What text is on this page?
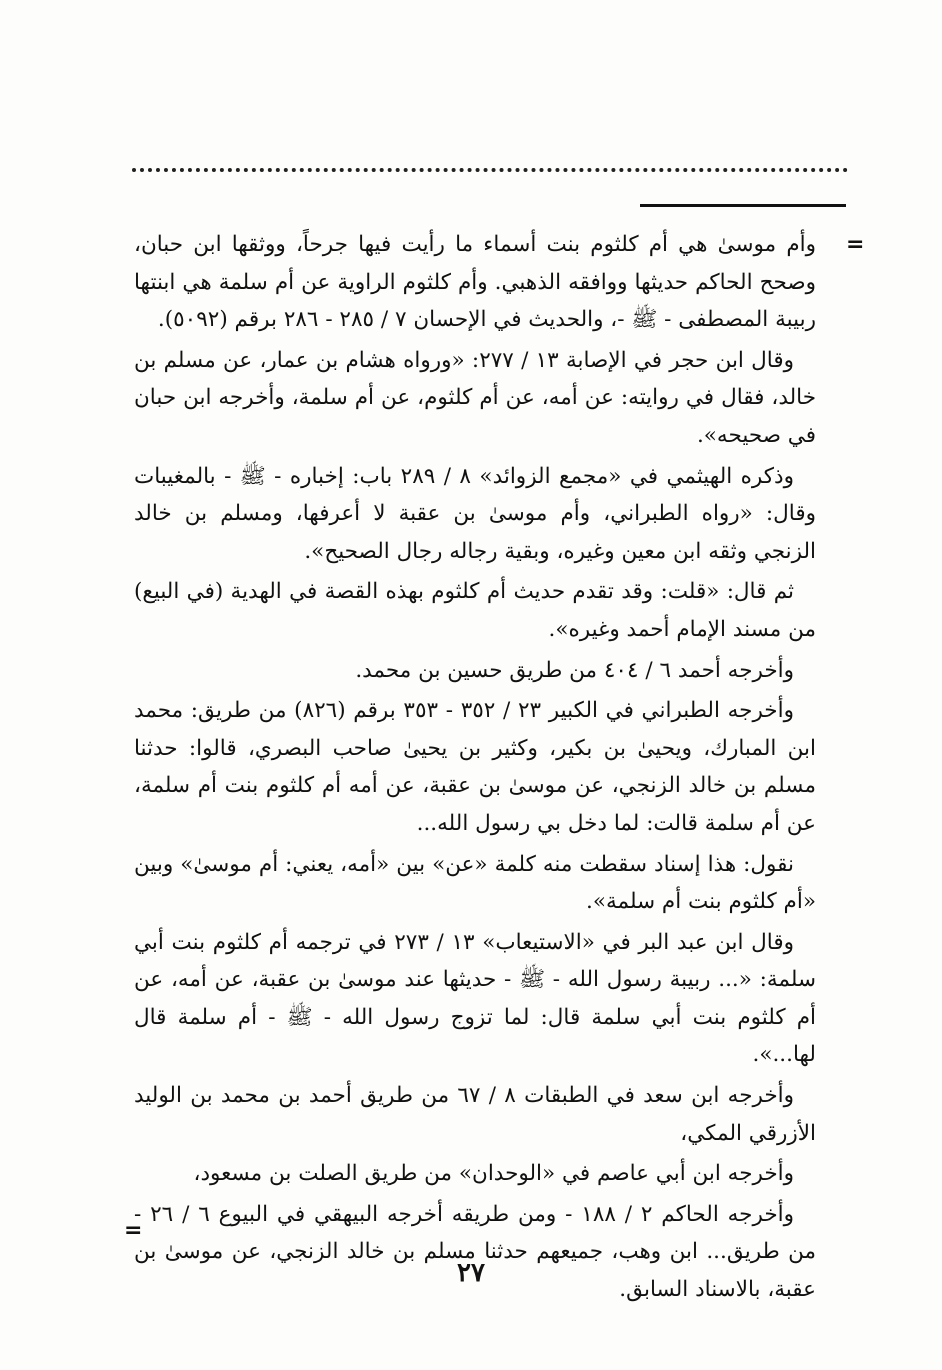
=

وأم موسىٰ هي أم كلثوم بنت أسماء ما رأيت فيها جرحاً، ووثقها ابن حبان، وصحح الحاكم حديثها ووافقه الذهبي. وأم كلثوم الراوية عن أم سلمة هي ابنتها ربيبة المصطفى - ﷺ -، والحديث في الإحسان ٧ / ٢٨٥ - ٢٨٦ برقم (٥٠٩٢).

وقال ابن حجر في الإصابة ١٣ / ٢٧٧: «ورواه هشام بن عمار، عن مسلم بن خالد، فقال في روايته: عن أمه، عن أم كلثوم، عن أم سلمة، وأخرجه ابن حبان في صحيحه».

وذكره الهيثمي في «مجمع الزوائد» ٨ / ٢٨٩ باب: إخباره - ﷺ - بالمغيبات وقال: «رواه الطبراني، وأم موسىٰ بن عقبة لا أعرفها، ومسلم بن خالد الزنجي وثقه ابن معين وغيره، وبقية رجاله رجال الصحيح».

ثم قال: «قلت: وقد تقدم حديث أم كلثوم بهذه القصة في الهدية (في البيع) من مسند الإمام أحمد وغيره».

وأخرجه أحمد ٦ / ٤٠٤ من طريق حسين بن محمد.

وأخرجه الطبراني في الكبير ٢٣ / ٣٥٢ - ٣٥٣ برقم (٨٢٦) من طريق: محمد ابن المبارك، ويحيىٰ بن بكير، وكثير بن يحيىٰ صاحب البصري، قالوا: حدثنا مسلم بن خالد الزنجي، عن موسىٰ بن عقبة، عن أمه أم كلثوم بنت أم سلمة، عن أم سلمة قالت: لما دخل بي رسول الله...

نقول: هذا إسناد سقطت منه كلمة «عن» بين «أمه، يعني: أم موسىٰ» وبين «أم كلثوم بنت أم سلمة».

وقال ابن عبد البر في «الاستيعاب» ١٣ / ٢٧٣ في ترجمه أم كلثوم بنت أبي سلمة: «... ربيبة رسول الله - ﷺ - حديثها عند موسىٰ بن عقبة، عن أمه، عن أم كلثوم بنت أبي سلمة قال: لما تزوج رسول الله - ﷺ - أم سلمة قال لها...».

وأخرجه ابن سعد في الطبقات ٨ / ٦٧ من طريق أحمد بن محمد بن الوليد الأزرقي المكي،

وأخرجه ابن أبي عاصم في «الوحدان» من طريق الصلت بن مسعود،

وأخرجه الحاكم ٢ / ١٨٨ - ومن طريقه أخرجه البيهقي في البيوع ٦ / ٢٦ - من طريق... ابن وهب، جميعهم حدثنا مسلم بن خالد الزنجي، عن موسىٰ بن عقبة، بالاسناد السابق.

=
٢٧
